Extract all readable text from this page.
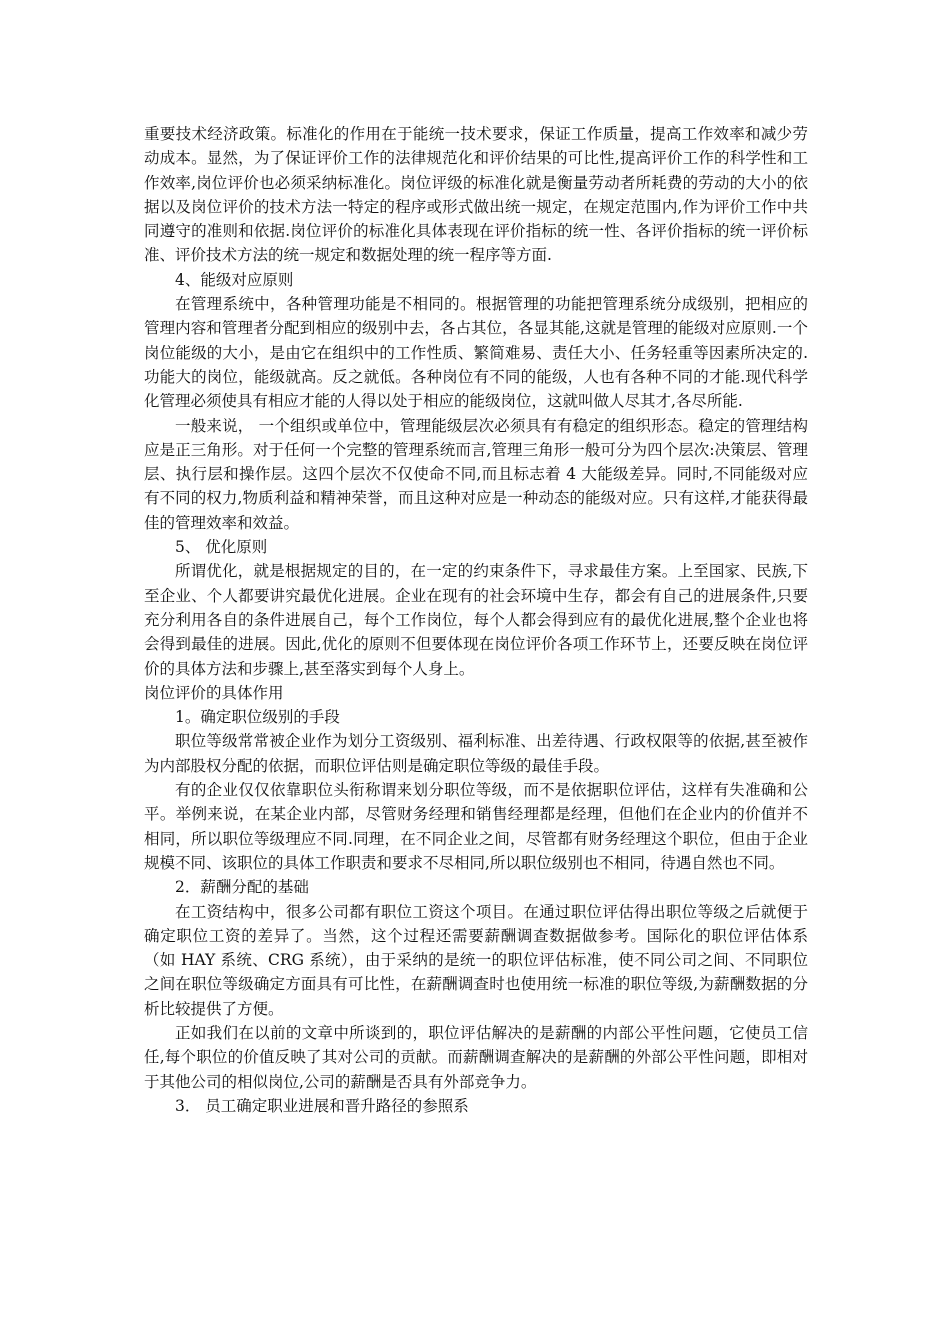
重要技术经济政策。标准化的作用在于能统一技术要求，保证工作质量，提高工作效率和减少劳动成本。显然，为了保证评价工作的法律规范化和评价结果的可比性,提高评价工作的科学性和工作效率,岗位评价也必须采纳标准化。岗位评级的标准化就是衡量劳动者所耗费的劳动的大小的依据以及岗位评价的技术方法一特定的程序或形式做出统一规定，在规定范围内,作为评价工作中共同遵守的准则和依据.岗位评价的标准化具体表现在评价指标的统一性、各评价指标的统一评价标准、评价技术方法的统一规定和数据处理的统一程序等方面.

4、能级对应原则

在管理系统中，各种管理功能是不相同的。根据管理的功能把管理系统分成级别，把相应的管理内容和管理者分配到相应的级别中去，各占其位，各显其能,这就是管理的能级对应原则.一个岗位能级的大小，是由它在组织中的工作性质、繁简难易、责任大小、任务轻重等因素所决定的.功能大的岗位，能级就高。反之就低。各种岗位有不同的能级，人也有各种不同的才能.现代科学化管理必须使具有相应才能的人得以处于相应的能级岗位，这就叫做人尽其才,各尽所能.

一般来说， 一个组织或单位中，管理能级层次必须具有有稳定的组织形态。稳定的管理结构应是正三角形。对于任何一个完整的管理系统而言,管理三角形一般可分为四个层次:决策层、管理层、执行层和操作层。这四个层次不仅使命不同,而且标志着 4 大能级差异。同时,不同能级对应有不同的权力,物质利益和精神荣誉，而且这种对应是一种动态的能级对应。只有这样,才能获得最佳的管理效率和效益。

5、 优化原则

所谓优化，就是根据规定的目的，在一定的约束条件下，寻求最佳方案。上至国家、民族,下至企业、个人都要讲究最优化进展。企业在现有的社会环境中生存，都会有自己的进展条件,只要充分利用各自的条件进展自己，每个工作岗位，每个人都会得到应有的最优化进展,整个企业也将会得到最佳的进展。因此,优化的原则不但要体现在岗位评价各项工作环节上，还要反映在岗位评价的具体方法和步骤上,甚至落实到每个人身上。

岗位评价的具体作用

1。确定职位级别的手段

职位等级常常被企业作为划分工资级别、福利标准、出差待遇、行政权限等的依据,甚至被作为内部股权分配的依据，而职位评估则是确定职位等级的最佳手段。

有的企业仅仅依靠职位头衔称谓来划分职位等级，而不是依据职位评估，这样有失准确和公平。举例来说，在某企业内部，尽管财务经理和销售经理都是经理，但他们在企业内的价值并不相同，所以职位等级理应不同.同理，在不同企业之间，尽管都有财务经理这个职位，但由于企业规模不同、该职位的具体工作职责和要求不尽相同,所以职位级别也不相同，待遇自然也不同。

2．薪酬分配的基础

在工资结构中，很多公司都有职位工资这个项目。在通过职位评估得出职位等级之后就便于确定职位工资的差异了。当然，这个过程还需要薪酬调查数据做参考。国际化的职位评估体系（如 HAY 系统、CRG 系统），由于采纳的是统一的职位评估标准，使不同公司之间、不同职位之间在职位等级确定方面具有可比性，在薪酬调查时也使用统一标准的职位等级,为薪酬数据的分析比较提供了方便。

正如我们在以前的文章中所谈到的，职位评估解决的是薪酬的内部公平性问题，它使员工信任,每个职位的价值反映了其对公司的贡献。而薪酬调查解决的是薪酬的外部公平性问题，即相对于其他公司的相似岗位,公司的薪酬是否具有外部竞争力。

3． 员工确定职业进展和晋升路径的参照系
